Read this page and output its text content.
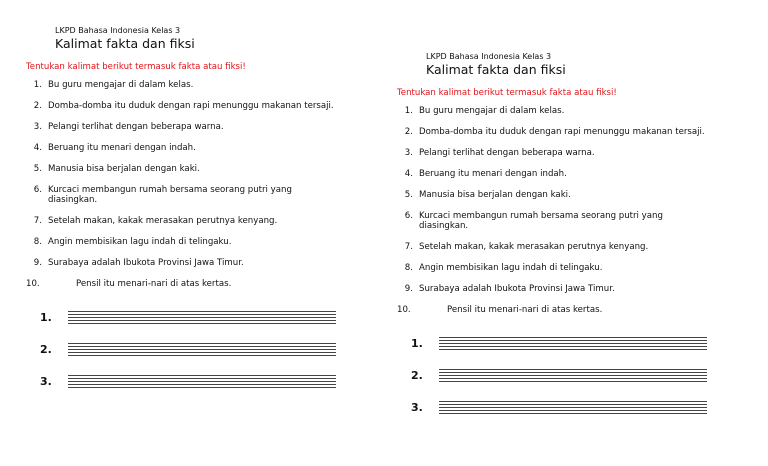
LKPD Bahasa Indonesia Kelas 3
Kalimat fakta dan fiksi
Tentukan kalimat berikut termasuk fakta atau fiksi!
1. Bu guru mengajar di dalam kelas.
2. Domba-domba itu duduk dengan rapi menunggu makanan tersaji.
3. Pelangi terlihat dengan beberapa warna.
4. Beruang itu menari dengan indah.
5. Manusia bisa berjalan dengan kaki.
6. Kurcaci membangun rumah bersama seorang putri yang diasingkan.
7. Setelah makan, kakak merasakan perutnya kenyang.
8. Angin membisikan lagu indah di telingaku.
9. Surabaya adalah Ibukota Provinsi Jawa Timur.
10.	Pensil itu menari-nari di atas kertas.
1.
2.
3.
LKPD Bahasa Indonesia Kelas 3
Kalimat fakta dan fiksi
Tentukan kalimat berikut termasuk fakta atau fiksi!
1. Bu guru mengajar di dalam kelas.
2. Domba-domba itu duduk dengan rapi menunggu makanan tersaji.
3. Pelangi terlihat dengan beberapa warna.
4. Beruang itu menari dengan indah.
5. Manusia bisa berjalan dengan kaki.
6. Kurcaci membangun rumah bersama seorang putri yang diasingkan.
7. Setelah makan, kakak merasakan perutnya kenyang.
8. Angin membisikan lagu indah di telingaku.
9. Surabaya adalah Ibukota Provinsi Jawa Timur.
10.	Pensil itu menari-nari di atas kertas.
1.
2.
3.
